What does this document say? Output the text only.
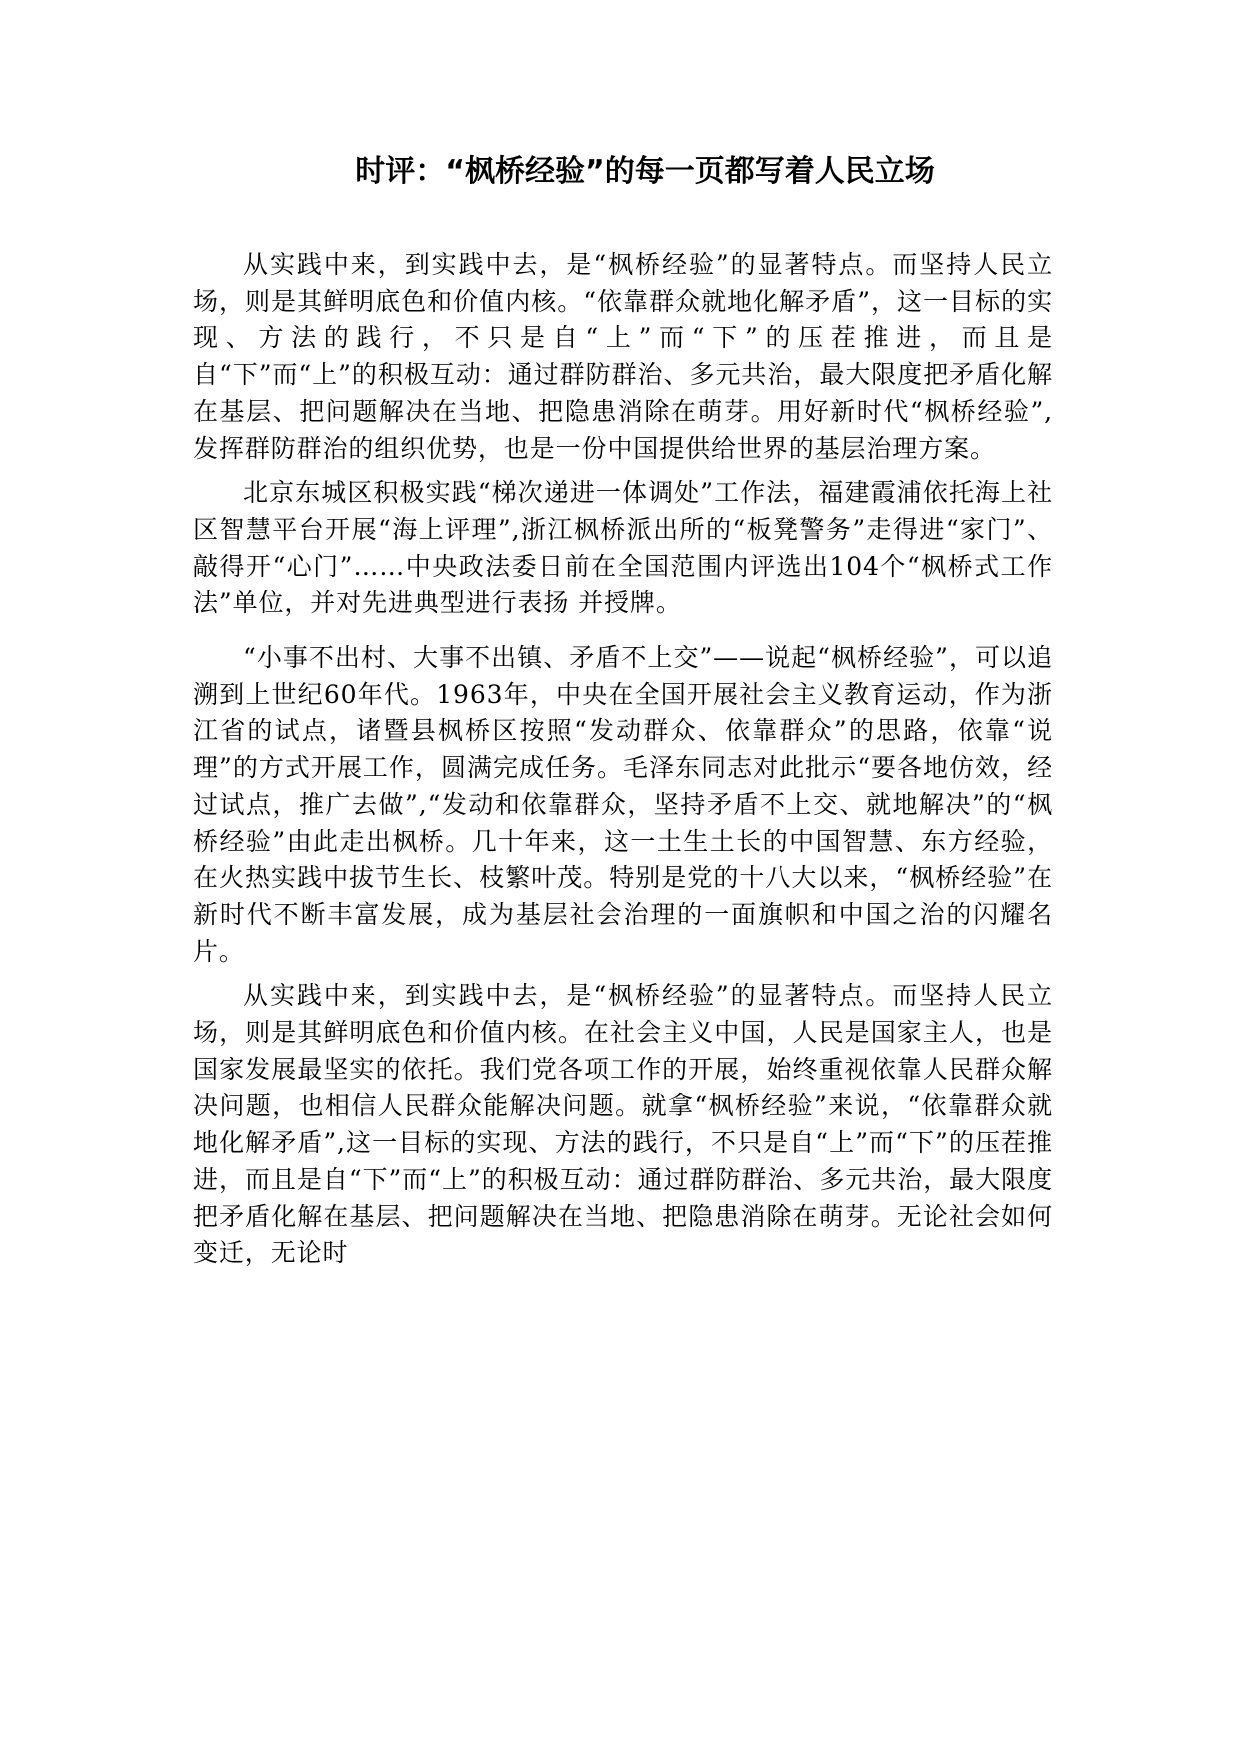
时评：“枫桥经验”的每一页都写着人民立场

从实践中来，到实践中去，是“枫桥经验”的显著特点。而坚持人民立场，则是其鲜明底色和价值内核。“依靠群众就地化解矛盾”，这一目标的实现、方法的践行，不只是自“上”而“下”的压茬推进，而且是自“下”而“上”的积极互动：通过群防群治、多元共治，最大限度把矛盾化解在基层、把问题解决在当地、把隐患消除在萌芽。用好新时代“枫桥经验”,发挥群防群治的组织优势，也是一份中国提供给世界的基层治理方案。

北京东城区积极实践“梯次递进一体调处”工作法，福建霞浦依托海上社区智慧平台开展“海上评理”,浙江枫桥派出所的“板凳警务”走得进“家门”、敲得开“心门”……中央政法委日前在全国范围内评选出104个“枫桥式工作法”单位，并对先进典型进行表扬 并授牌。

“小事不出村、大事不出镇、矛盾不上交”——说起“枫桥经验”，可以追溯到上世纪60年代。1963年，中央在全国开展社会主义教育运动，作为浙江省的试点，诸暨县枫桥区按照“发动群众、依靠群众”的思路，依靠“说理”的方式开展工作，圆满完成任务。毛泽东同志对此批示“要各地仿效，经过试点，推广去做”,“发动和依靠群众，坚持矛盾不上交、就地解决”的“枫桥经验”由此走出枫桥。几十年来，这一土生土长的中国智慧、东方经验，在火热实践中拔节生长、枝繁叶茂。特别是党的十八大以来，“枫桥经验”在新时代不断丰富发展，成为基层社会治理的一面旗帜和中国之治的闪耀名片。

从实践中来，到实践中去，是“枫桥经验”的显著特点。而坚持人民立场，则是其鲜明底色和价值内核。在社会主义中国，人民是国家主人，也是国家发展最坚实的依托。我们党各项工作的开展，始终重视依靠人民群众解决问题，也相信人民群众能解决问题。就拿“枫桥经验”来说，“依靠群众就地化解矛盾”,这一目标的实现、方法的践行，不只是自“上”而“下”的压茬推进，而且是自“下”而“上”的积极互动：通过群防群治、多元共治，最大限度把矛盾化解在基层、把问题解决在当地、把隐患消除在萌芽。无论社会如何变迁，无论时
